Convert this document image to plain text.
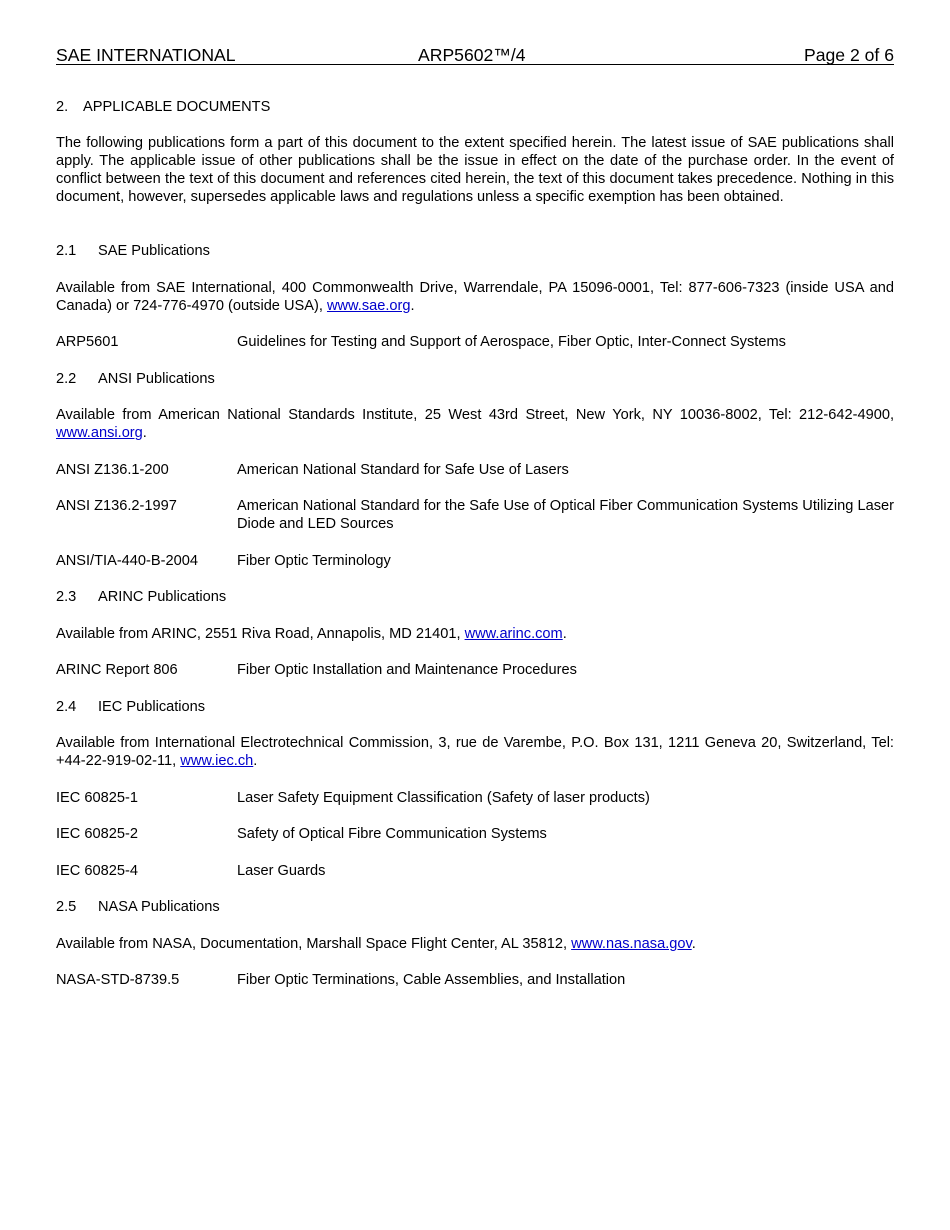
SAE INTERNATIONAL	ARP5602™/4	Page 2 of 6
2. APPLICABLE DOCUMENTS
The following publications form a part of this document to the extent specified herein. The latest issue of SAE publications shall apply. The applicable issue of other publications shall be the issue in effect on the date of the purchase order. In the event of conflict between the text of this document and references cited herein, the text of this document takes precedence. Nothing in this document, however, supersedes applicable laws and regulations unless a specific exemption has been obtained.
2.1 SAE Publications
Available from SAE International, 400 Commonwealth Drive, Warrendale, PA 15096-0001, Tel: 877-606-7323 (inside USA and Canada) or 724-776-4970 (outside USA), www.sae.org.
ARP5601	Guidelines for Testing and Support of Aerospace, Fiber Optic, Inter-Connect Systems
2.2 ANSI Publications
Available from American National Standards Institute, 25 West 43rd Street, New York, NY 10036-8002, Tel: 212-642-4900, www.ansi.org.
ANSI Z136.1-200	American National Standard for Safe Use of Lasers
ANSI Z136.2-1997	American National Standard for the Safe Use of Optical Fiber Communication Systems Utilizing Laser Diode and LED Sources
ANSI/TIA-440-B-2004	Fiber Optic Terminology
2.3 ARINC Publications
Available from ARINC, 2551 Riva Road, Annapolis, MD 21401, www.arinc.com.
ARINC Report 806	Fiber Optic Installation and Maintenance Procedures
2.4 IEC Publications
Available from International Electrotechnical Commission, 3, rue de Varembe, P.O. Box 131, 1211 Geneva 20, Switzerland, Tel: +44-22-919-02-11, www.iec.ch.
IEC 60825-1	Laser Safety Equipment Classification (Safety of laser products)
IEC 60825-2	Safety of Optical Fibre Communication Systems
IEC 60825-4	Laser Guards
2.5 NASA Publications
Available from NASA, Documentation, Marshall Space Flight Center, AL 35812, www.nas.nasa.gov.
NASA-STD-8739.5	Fiber Optic Terminations, Cable Assemblies, and Installation
